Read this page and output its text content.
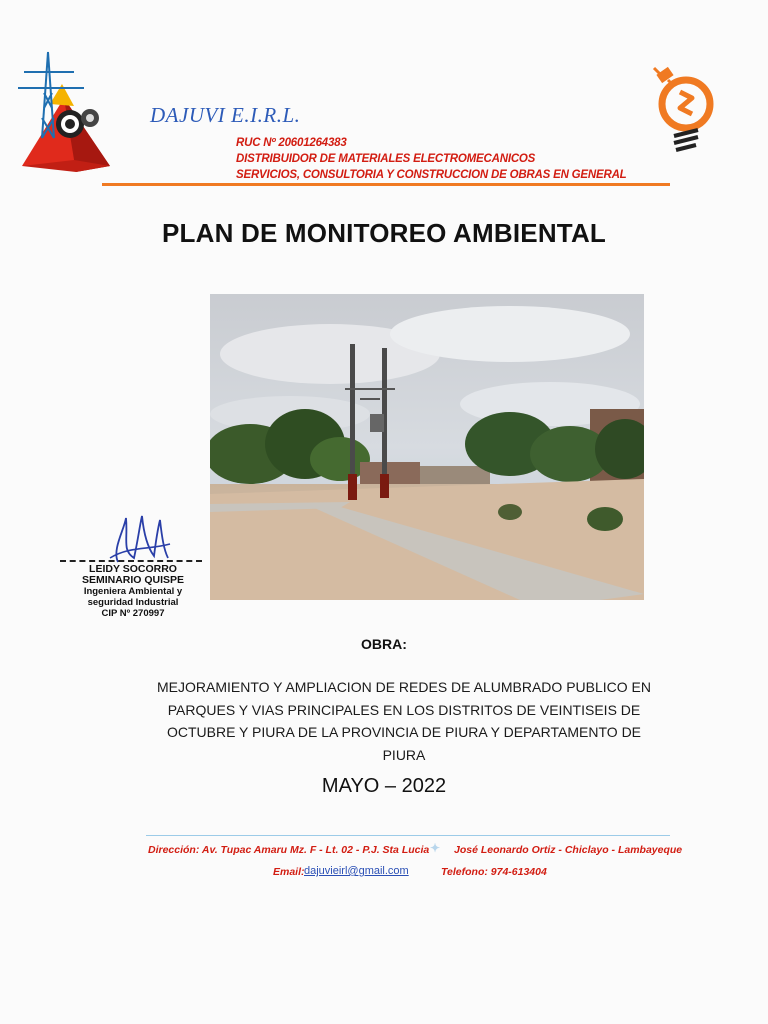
DAJUVI E.I.R.L.
RUC Nº 20601264383
DISTRIBUIDOR DE MATERIALES ELECTROMECANICOS
SERVICIOS, CONSULTORIA Y CONSTRUCCION DE OBRAS EN GENERAL
PLAN DE MONITOREO AMBIENTAL
LEIDY SOCORRO
SEMINARIO QUISPE
Ingeniera Ambiental y
seguridad Industrial
CIP Nº 270997
OBRA:
MEJORAMIENTO Y AMPLIACION DE REDES DE ALUMBRADO PUBLICO EN PARQUES Y VIAS PRINCIPALES EN LOS DISTRITOS DE VEINTISEIS DE OCTUBRE Y PIURA DE LA PROVINCIA DE PIURA Y DEPARTAMENTO DE PIURA
MAYO – 2022
Dirección: Av. Tupac Amaru Mz. F - Lt. 02 - P.J. Sta Lucia ✦ José Leonardo Ortiz - Chiclayo - Lambayeque
Email: dajuvieirl@gmail.com	Telefono: 974-613404
